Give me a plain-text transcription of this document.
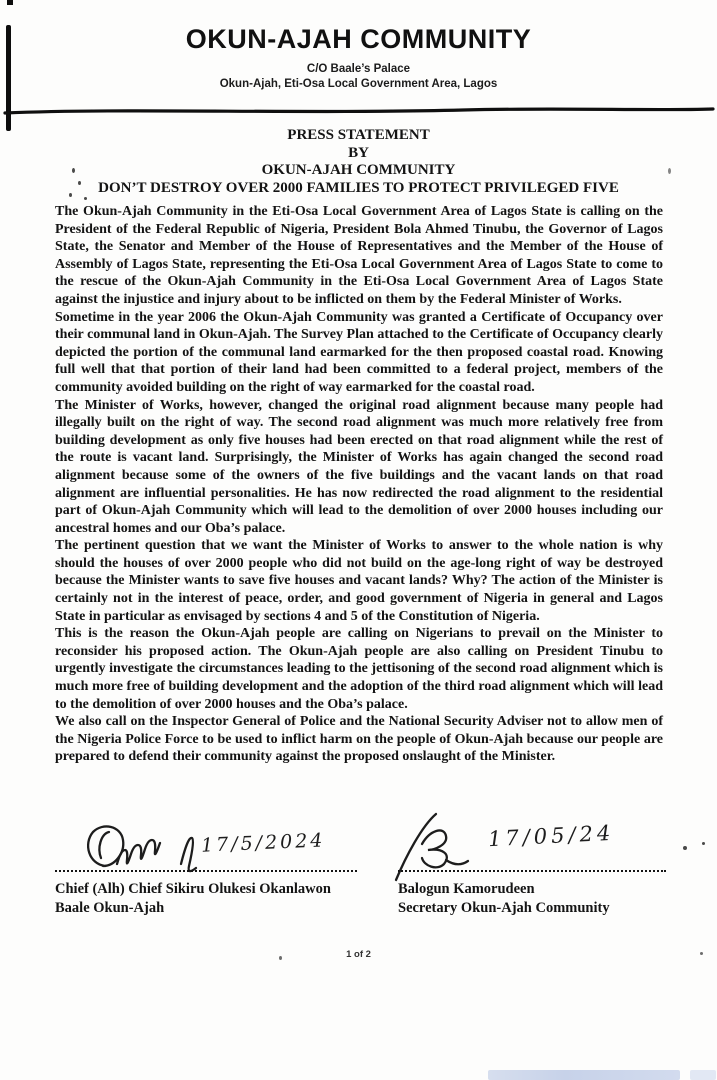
OKUN-AJAH COMMUNITY
C/O Baale’s Palace
Okun-Ajah, Eti-Osa Local Government Area, Lagos
PRESS STATEMENT
BY
OKUN-AJAH COMMUNITY
DON’T DESTROY OVER 2000 FAMILIES TO PROTECT PRIVILEGED FIVE

The Okun-Ajah Community in the Eti-Osa Local Government Area of Lagos State is calling on the President of the Federal Republic of Nigeria, President Bola Ahmed Tinubu, the Governor of Lagos State, the Senator and Member of the House of Representatives and the Member of the House of Assembly of Lagos State, representing the Eti-Osa Local Government Area of Lagos State to come to the rescue of the Okun-Ajah Community in the Eti-Osa Local Government Area of Lagos State against the injustice and injury about to be inflicted on them by the Federal Minister of Works.

Sometime in the year 2006 the Okun-Ajah Community was granted a Certificate of Occupancy over their communal land in Okun-Ajah. The Survey Plan attached to the Certificate of Occupancy clearly depicted the portion of the communal land earmarked for the then proposed coastal road. Knowing full well that that portion of their land had been committed to a federal project, members of the community avoided building on the right of way earmarked for the coastal road.

The Minister of Works, however, changed the original road alignment because many people had illegally built on the right of way. The second road alignment was much more relatively free from building development as only five houses had been erected on that road alignment while the rest of the route is vacant land. Surprisingly, the Minister of Works has again changed the second road alignment because some of the owners of the five buildings and the vacant lands on that road alignment are influential personalities. He has now redirected the road alignment to the residential part of Okun-Ajah Community which will lead to the demolition of over 2000 houses including our ancestral homes and our Oba’s palace.

The pertinent question that we want the Minister of Works to answer to the whole nation is why should the houses of over 2000 people who did not build on the age-long right of way be destroyed because the Minister wants to save five houses and vacant lands? Why? The action of the Minister is certainly not in the interest of peace, order, and good government of Nigeria in general and Lagos State in particular as envisaged by sections 4 and 5 of the Constitution of Nigeria.

This is the reason the Okun-Ajah people are calling on Nigerians to prevail on the Minister to reconsider his proposed action. The Okun-Ajah people are also calling on President Tinubu to urgently investigate the circumstances leading to the jettisoning of the second road alignment which is much more free of building development and the adoption of the third road alignment which will lead to the demolition of over 2000 houses and the Oba’s palace.

We also call on the Inspector General of Police and the National Security Adviser not to allow men of the Nigeria Police Force to be used to inflict harm on the people of Okun-Ajah because our people are prepared to defend their community against the proposed onslaught of the Minister.

17/5/2024
Chief (Alh) Chief Sikiru Olukesi Okanlawon
Baale Okun-Ajah
17/05/24
Balogun Kamorudeen
Secretary Okun-Ajah Community
1 of 2
